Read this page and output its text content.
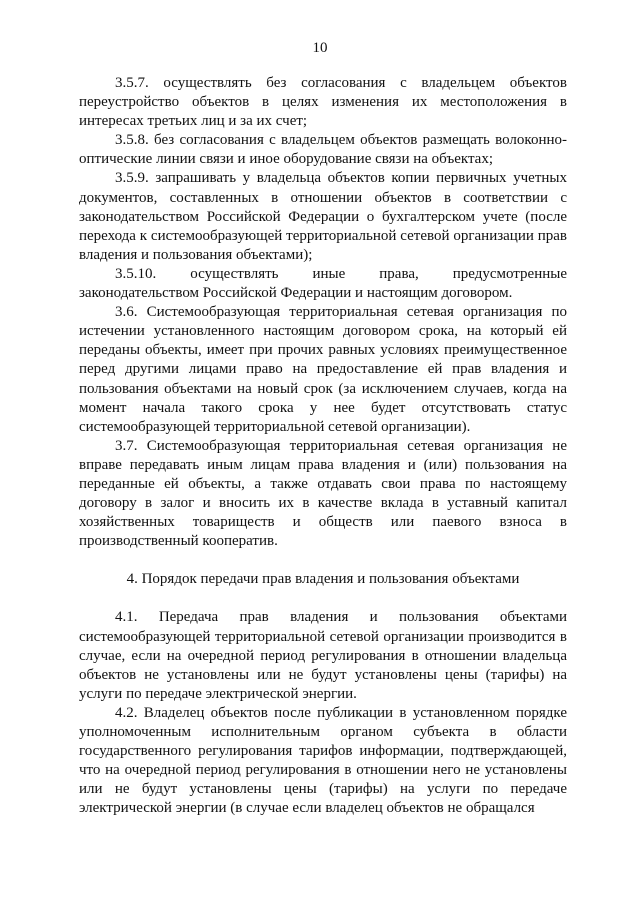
10

3.5.7. осуществлять без согласования с владельцем объектов переустройство объектов в целях изменения их местоположения в интересах третьих лиц и за их счет;

3.5.8. без согласования с владельцем объектов размещать волоконно-оптические линии связи и иное оборудование связи на объектах;

3.5.9. запрашивать у владельца объектов копии первичных учетных документов, составленных в отношении объектов в соответствии с законодательством Российской Федерации о бухгалтерском учете (после перехода к системообразующей территориальной сетевой организации прав владения и пользования объектами);

3.5.10. осуществлять иные права, предусмотренные законодательством Российской Федерации и настоящим договором.

3.6. Системообразующая территориальная сетевая организация по истечении установленного настоящим договором срока, на который ей переданы объекты, имеет при прочих равных условиях преимущественное перед другими лицами право на предоставление ей прав владения и пользования объектами на новый срок (за исключением случаев, когда на момент начала такого срока у нее будет отсутствовать статус системообразующей территориальной сетевой организации).

3.7. Системообразующая территориальная сетевая организация не вправе передавать иным лицам права владения и (или) пользования на переданные ей объекты, а также отдавать свои права по настоящему договору в залог и вносить их в качестве вклада в уставный капитал хозяйственных товариществ и обществ или паевого взноса в производственный кооператив.

4. Порядок передачи прав владения и пользования объектами

4.1. Передача прав владения и пользования объектами системообразующей территориальной сетевой организации производится в случае, если на очередной период регулирования в отношении владельца объектов не установлены или не будут установлены цены (тарифы) на услуги по передаче электрической энергии.

4.2. Владелец объектов после публикации в установленном порядке уполномоченным исполнительным органом субъекта в области государственного регулирования тарифов информации, подтверждающей, что на очередной период регулирования в отношении него не установлены или не будут установлены цены (тарифы) на услуги по передаче электрической энергии (в случае если владелец объектов не обращался
